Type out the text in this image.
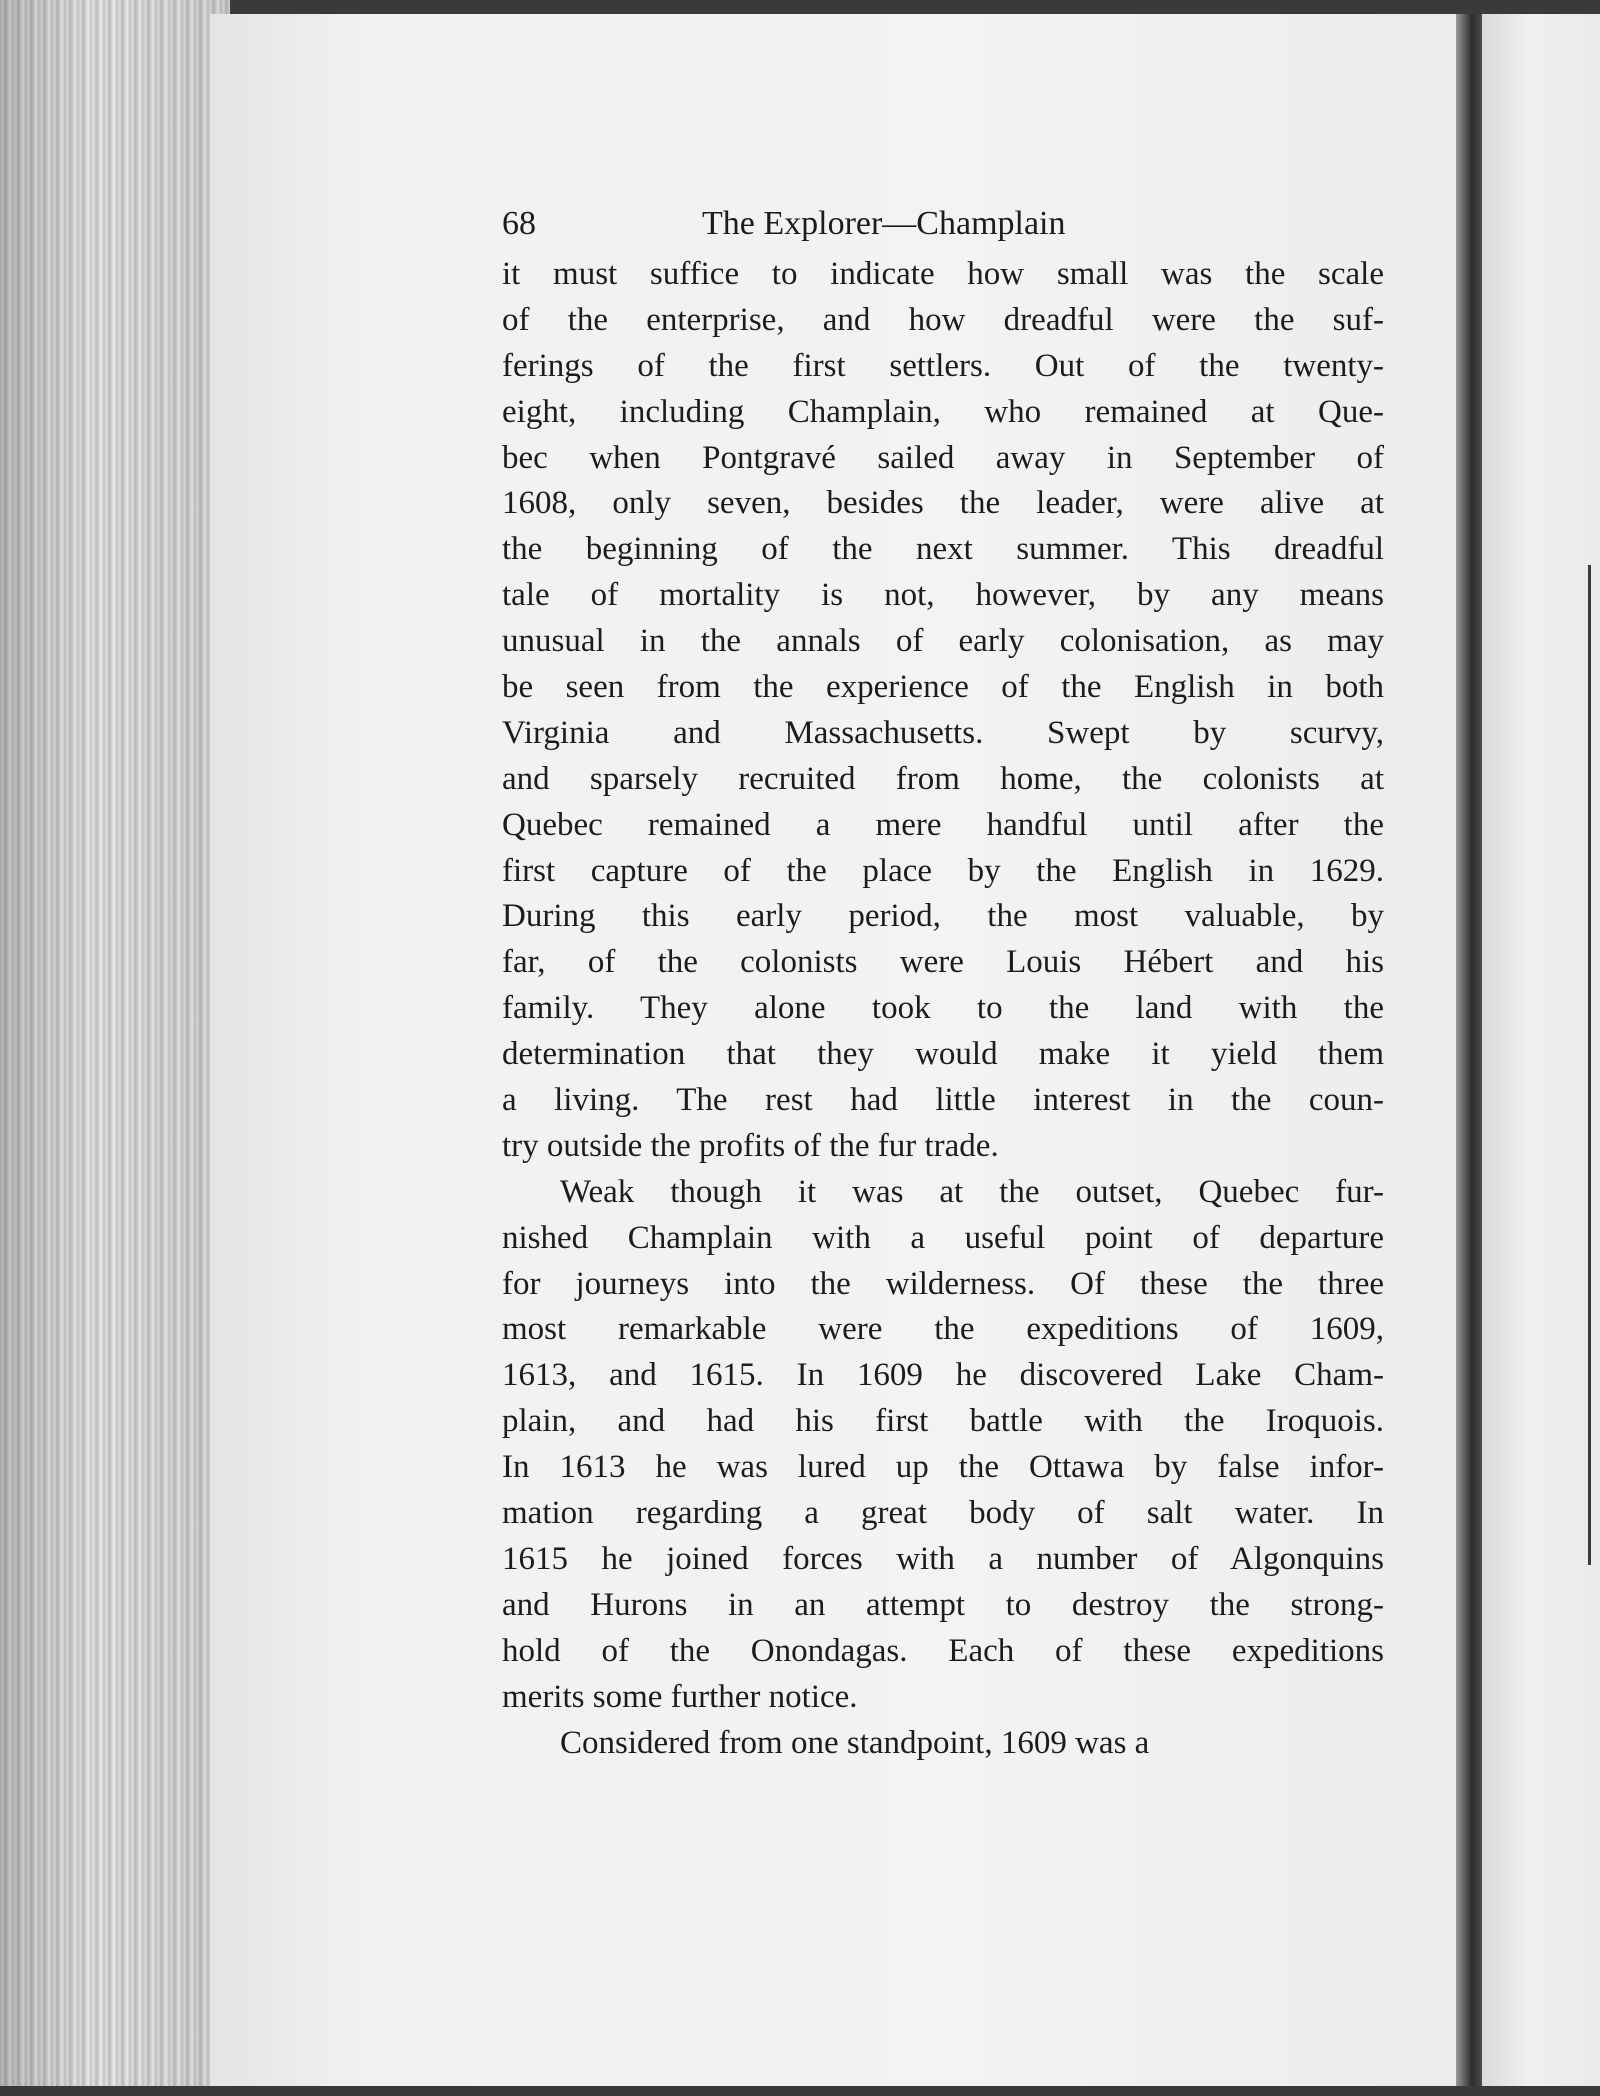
68	The Explorer—Champlain
it must suffice to indicate how small was the scale
of the enterprise, and how dreadful were the suf-
ferings of the first settlers. Out of the twenty-
eight, including Champlain, who remained at Que-
bec when Pontgravé sailed away in September of
1608, only seven, besides the leader, were alive at
the beginning of the next summer. This dreadful
tale of mortality is not, however, by any means
unusual in the annals of early colonisation, as may
be seen from the experience of the English in both
Virginia and Massachusetts. Swept by scurvy,
and sparsely recruited from home, the colonists at
Quebec remained a mere handful until after the
first capture of the place by the English in 1629.
During this early period, the most valuable, by
far, of the colonists were Louis Hébert and his
family. They alone took to the land with the
determination that they would make it yield them
a living. The rest had little interest in the coun-
try outside the profits of the fur trade.
Weak though it was at the outset, Quebec fur-
nished Champlain with a useful point of departure
for journeys into the wilderness. Of these the three
most remarkable were the expeditions of 1609,
1613, and 1615. In 1609 he discovered Lake Cham-
plain, and had his first battle with the Iroquois.
In 1613 he was lured up the Ottawa by false infor-
mation regarding a great body of salt water. In
1615 he joined forces with a number of Algonquins
and Hurons in an attempt to destroy the strong-
hold of the Onondagas. Each of these expeditions
merits some further notice.
Considered from one standpoint, 1609 was a
